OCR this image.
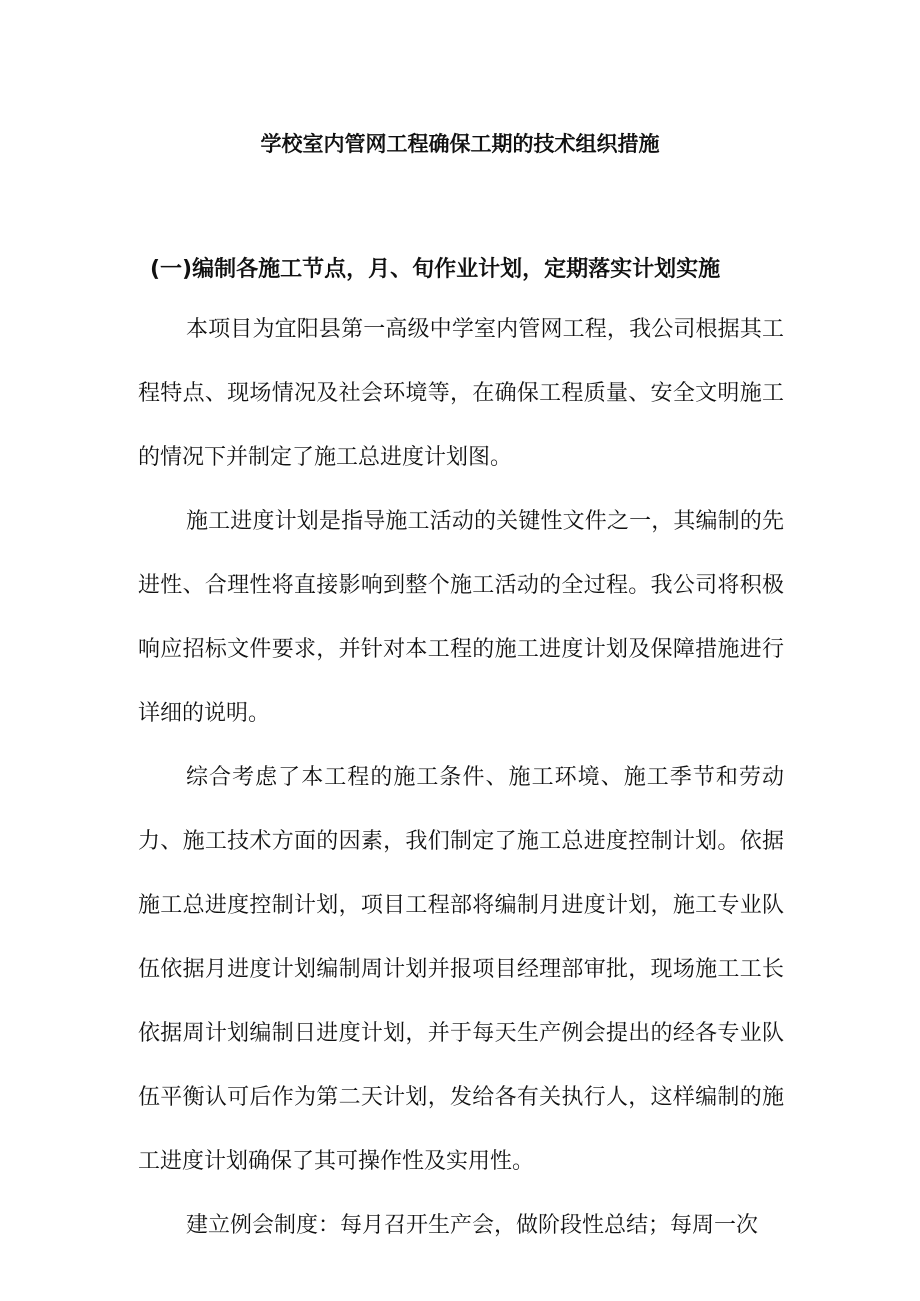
学校室内管网工程确保工期的技术组织措施
(一)编制各施工节点，月、旬作业计划，定期落实计划实施

本项目为宜阳县第一高级中学室内管网工程，我公司根据其工程特点、现场情况及社会环境等，在确保工程质量、安全文明施工的情况下并制定了施工总进度计划图。

施工进度计划是指导施工活动的关键性文件之一，其编制的先进性、合理性将直接影响到整个施工活动的全过程。我公司将积极响应招标文件要求，并针对本工程的施工进度计划及保障措施进行详细的说明。

综合考虑了本工程的施工条件、施工环境、施工季节和劳动力、施工技术方面的因素，我们制定了施工总进度控制计划。依据施工总进度控制计划，项目工程部将编制月进度计划，施工专业队伍依据月进度计划编制周计划并报项目经理部审批，现场施工工长依据周计划编制日进度计划，并于每天生产例会提出的经各专业队伍平衡认可后作为第二天计划，发给各有关执行人，这样编制的施工进度计划确保了其可操作性及实用性。

建立例会制度：每月召开生产会，做阶段性总结；每周一次
